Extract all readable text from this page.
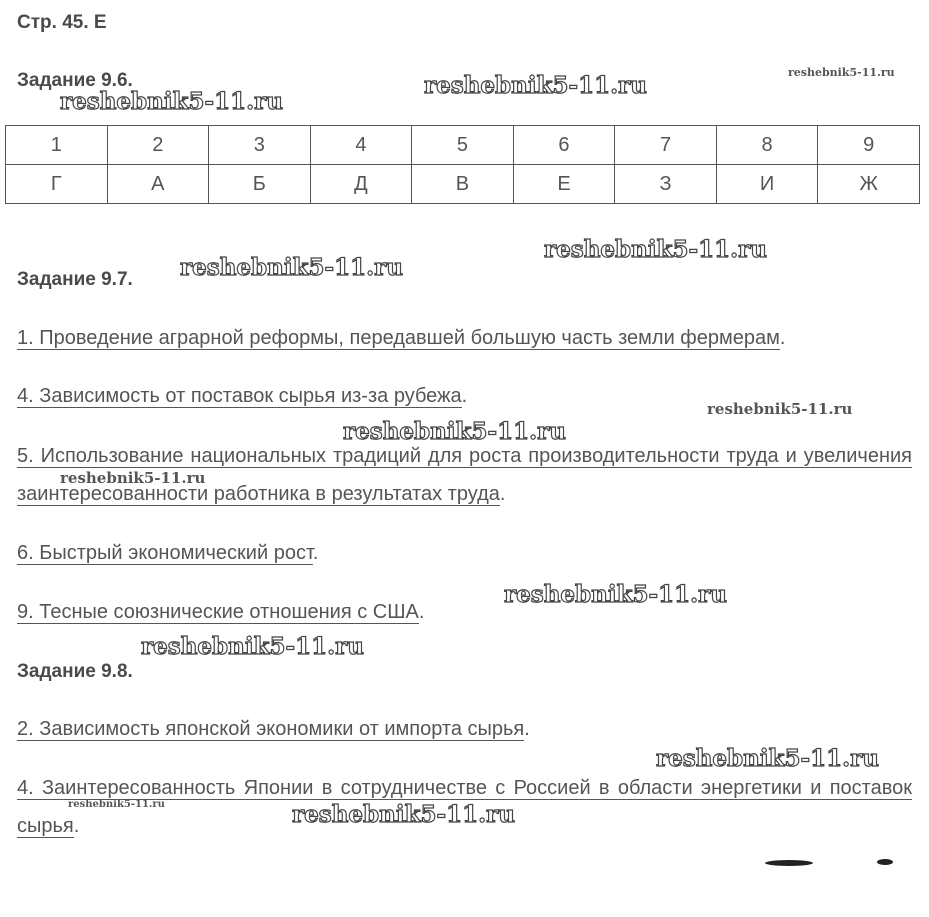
Стр. 45. Е
Задание 9.6.
1	2	3	4	5	6	7	8	9
Г	А	Б	Д	В	Е	З	И	Ж
Задание 9.7.
1. Проведение аграрной реформы, передавшей большую часть земли фермерам.
4. Зависимость от поставок сырья из-за рубежа.
5. Использование национальных традиций для роста производительности труда и увеличения заинтересованности работника в результатах труда.
6. Быстрый экономический рост.
9. Тесные союзнические отношения с США.
Задание 9.8.
2. Зависимость японской экономики от импорта сырья.
4. Заинтересованность Японии в сотрудничестве с Россией в области энергетики и поставок сырья.
reshebnik5-11.ru
reshebnik5-11.ru	reshebnik5-11.ru
reshebnik5-11.ru
reshebnik5-11.ru
reshebnik5-11.ru
reshebnik5-11.ru
reshebnik5-11.ru
reshebnik5-11.ru
reshebnik5-11.ru
reshebnik5-11.ru
reshebnik5-11.ru	reshebnik5-11.ru
